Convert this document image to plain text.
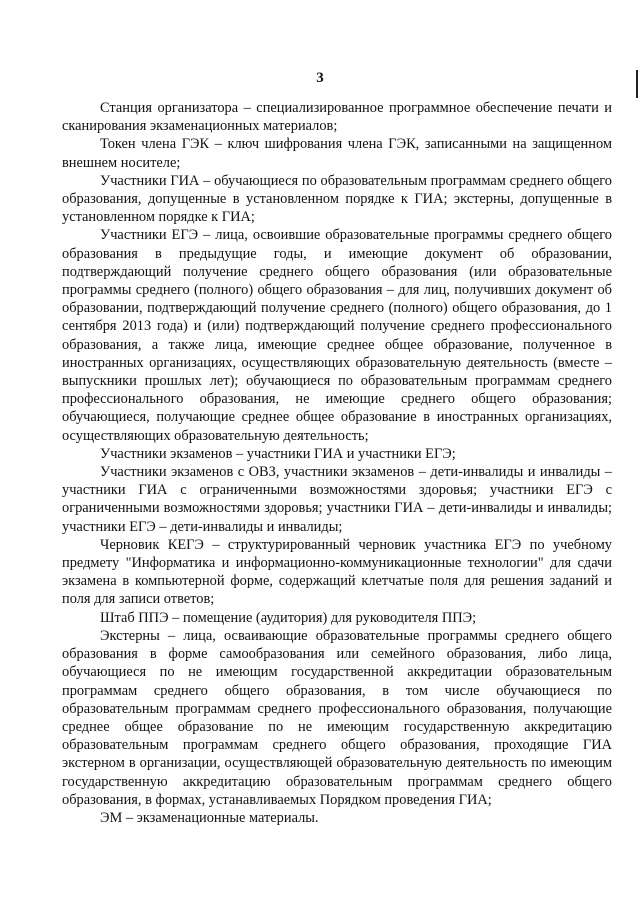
3

Станция организатора – специализированное программное обеспечение печати и сканирования экзаменационных материалов;

Токен члена ГЭК – ключ шифрования члена ГЭК, записанными на защищенном внешнем носителе;

Участники ГИА – обучающиеся по образовательным программам среднего общего образования, допущенные в установленном порядке к ГИА; экстерны, допущенные в установленном порядке к ГИА;

Участники ЕГЭ – лица, освоившие образовательные программы среднего общего образования в предыдущие годы, и имеющие документ об образовании, подтверждающий получение среднего общего образования (или образовательные программы среднего (полного) общего образования – для лиц, получивших документ об образовании, подтверждающий получение среднего (полного) общего образования, до 1 сентября 2013 года) и (или) подтверждающий получение среднего профессионального образования, а также лица, имеющие среднее общее образование, полученное в иностранных организациях, осуществляющих образовательную деятельность (вместе – выпускники прошлых лет); обучающиеся по образовательным программам среднего профессионального образования, не имеющие среднего общего образования; обучающиеся, получающие среднее общее образование в иностранных организациях, осуществляющих образовательную деятельность;

Участники экзаменов – участники ГИА и участники ЕГЭ;

Участники экзаменов с ОВЗ, участники экзаменов – дети-инвалиды и инвалиды – участники ГИА с ограниченными возможностями здоровья; участники ЕГЭ с ограниченными возможностями здоровья; участники ГИА – дети-инвалиды и инвалиды; участники ЕГЭ – дети-инвалиды и инвалиды;

Черновик КЕГЭ – структурированный черновик участника ЕГЭ по учебному предмету "Информатика и информационно-коммуникационные технологии" для сдачи экзамена в компьютерной форме, содержащий клетчатые поля для решения заданий и поля для записи ответов;

Штаб ППЭ – помещение (аудитория) для руководителя ППЭ;

Экстерны – лица, осваивающие образовательные программы среднего общего образования в форме самообразования или семейного образования, либо лица, обучающиеся по не имеющим государственной аккредитации образовательным программам среднего общего образования, в том числе обучающиеся по образовательным программам среднего профессионального образования, получающие среднее общее образование по не имеющим государственную аккредитацию образовательным программам среднего общего образования, проходящие ГИА экстерном в организации, осуществляющей образовательную деятельность по имеющим государственную аккредитацию образовательным программам среднего общего образования, в формах, устанавливаемых Порядком проведения ГИА;

ЭМ – экзаменационные материалы.
